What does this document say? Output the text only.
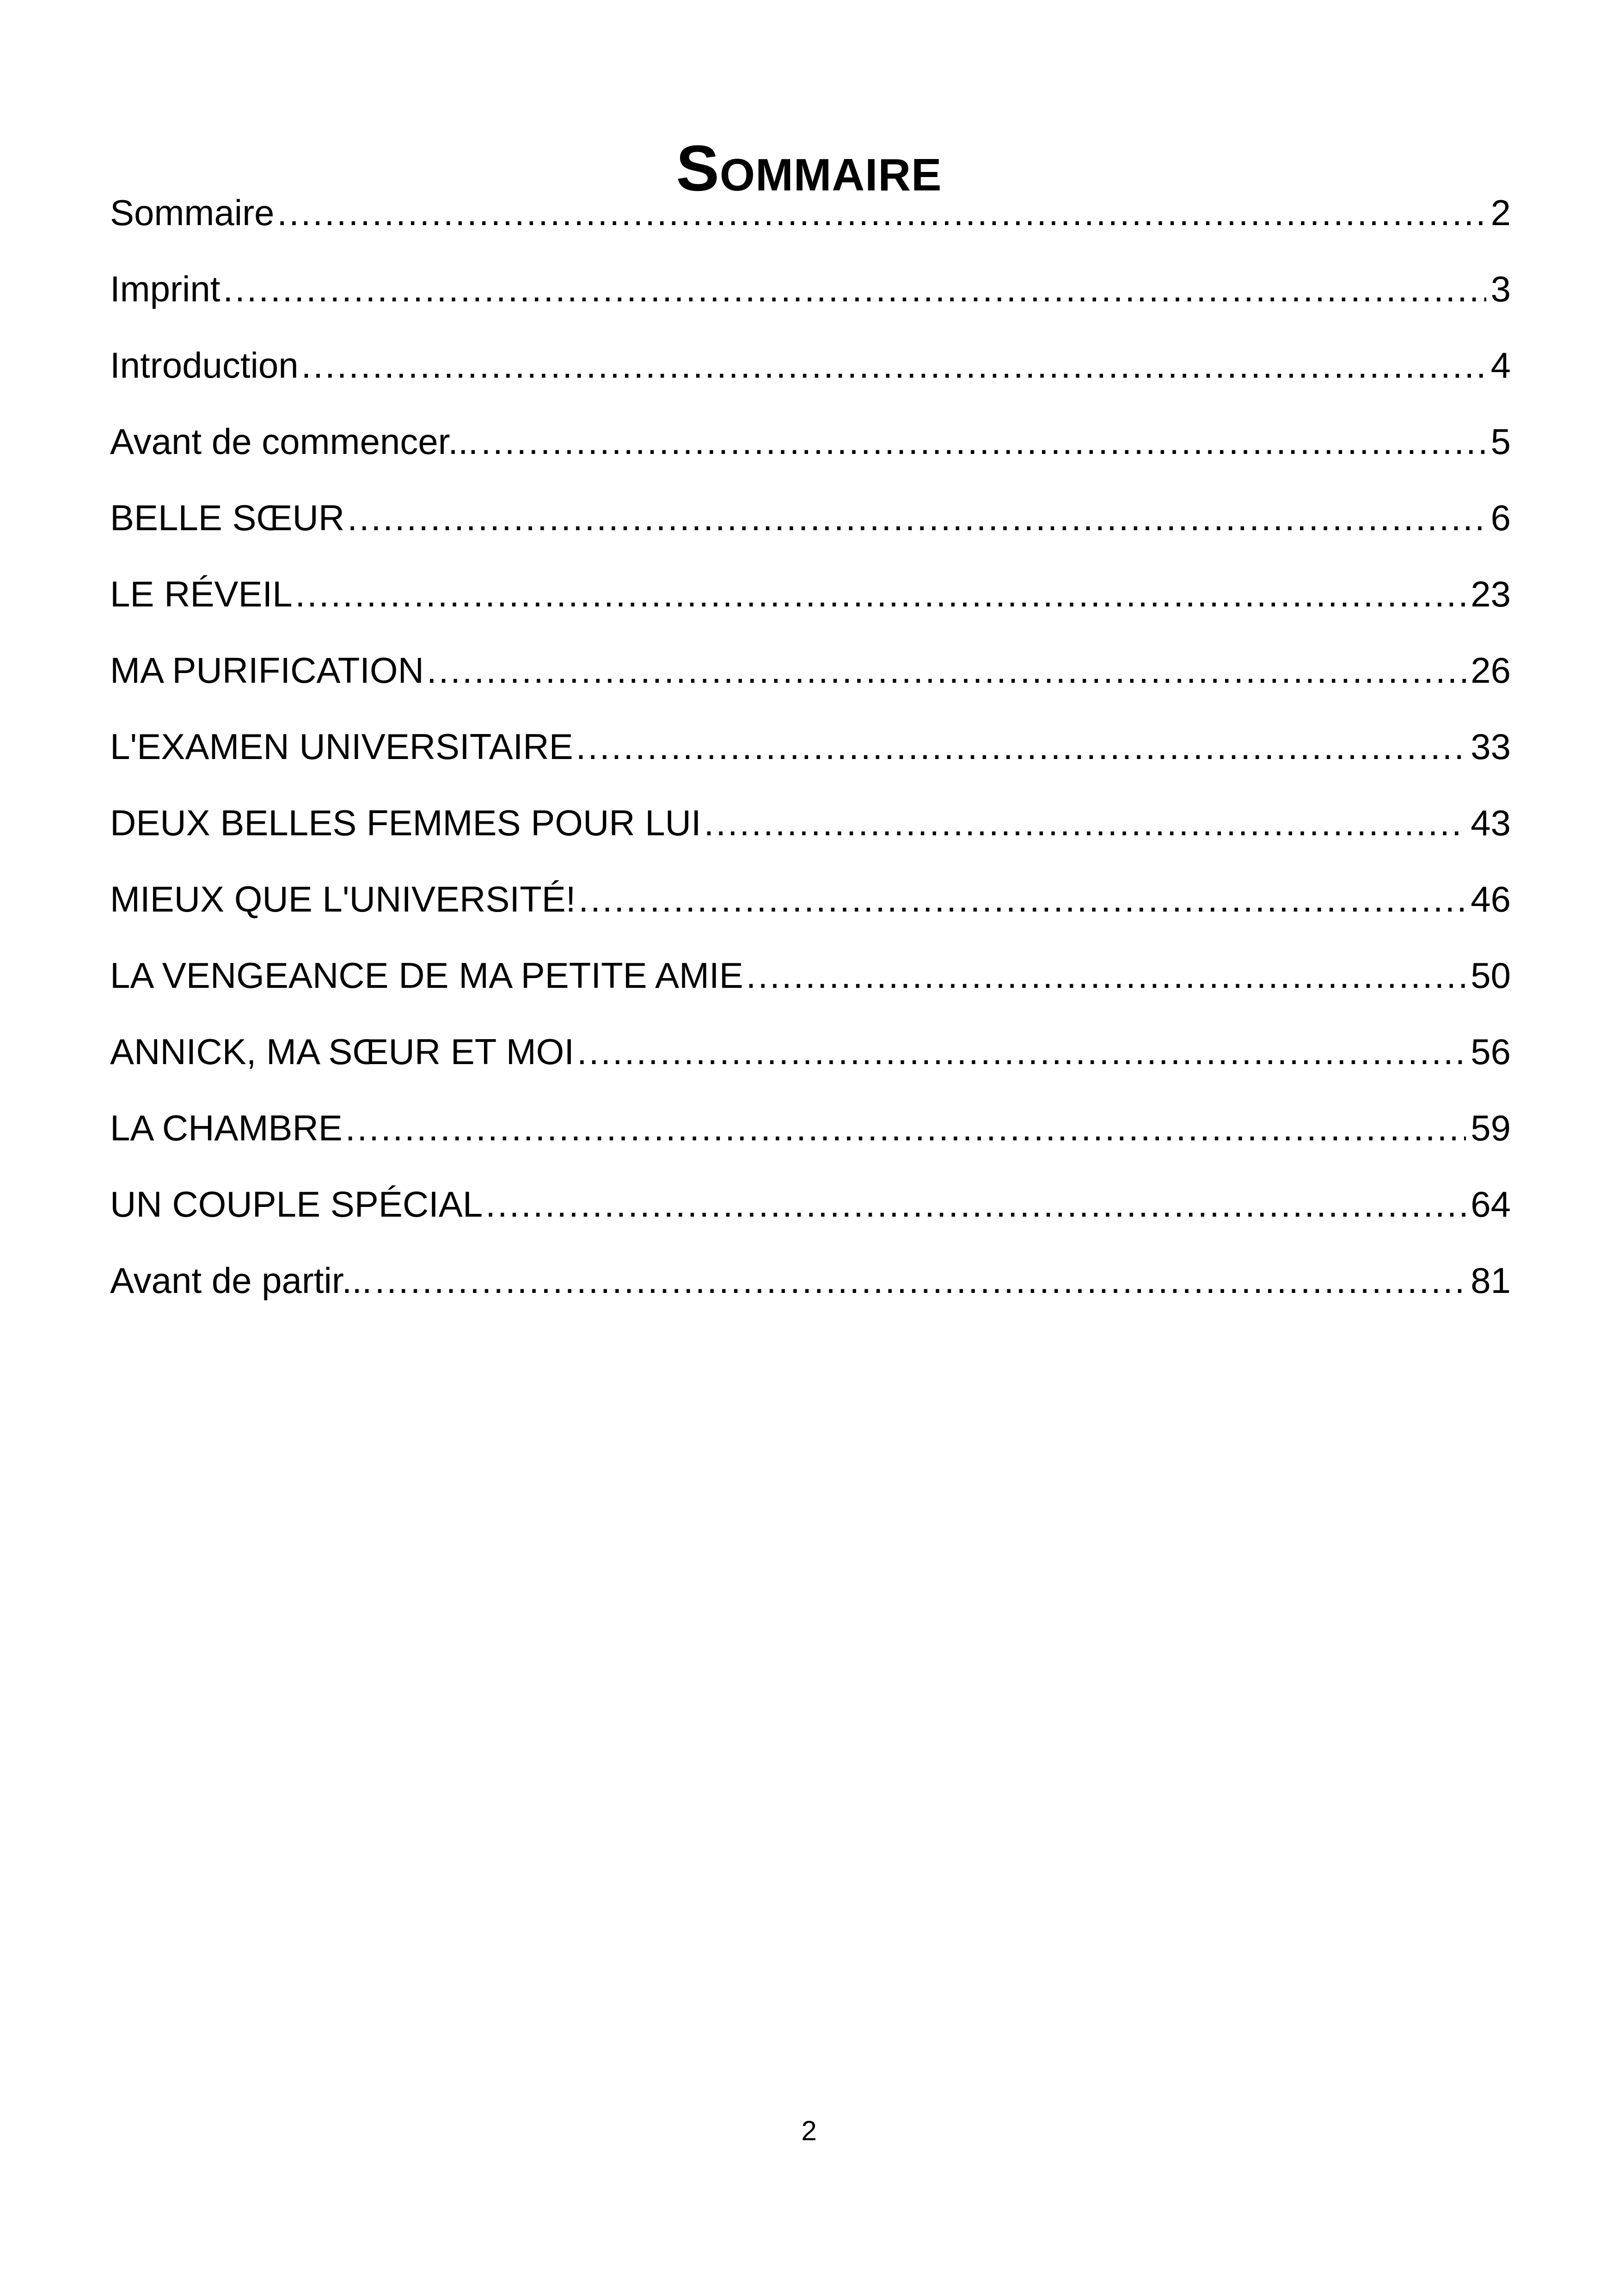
Sommaire
Sommaire .....	2
Imprint .....	3
Introduction .....	4
Avant de commencer... .....	5
BELLE SŒUR .....	6
LE RÉVEIL .....	23
MA PURIFICATION .....	26
L'EXAMEN UNIVERSITAIRE .....	33
DEUX BELLES FEMMES POUR LUI .....	43
MIEUX QUE L'UNIVERSITÉ! .....	46
LA VENGEANCE DE MA PETITE AMIE .....	50
ANNICK, MA SŒUR ET MOI .....	56
LA CHAMBRE .....	59
UN COUPLE SPÉCIAL .....	64
Avant de partir... .....	81
2
